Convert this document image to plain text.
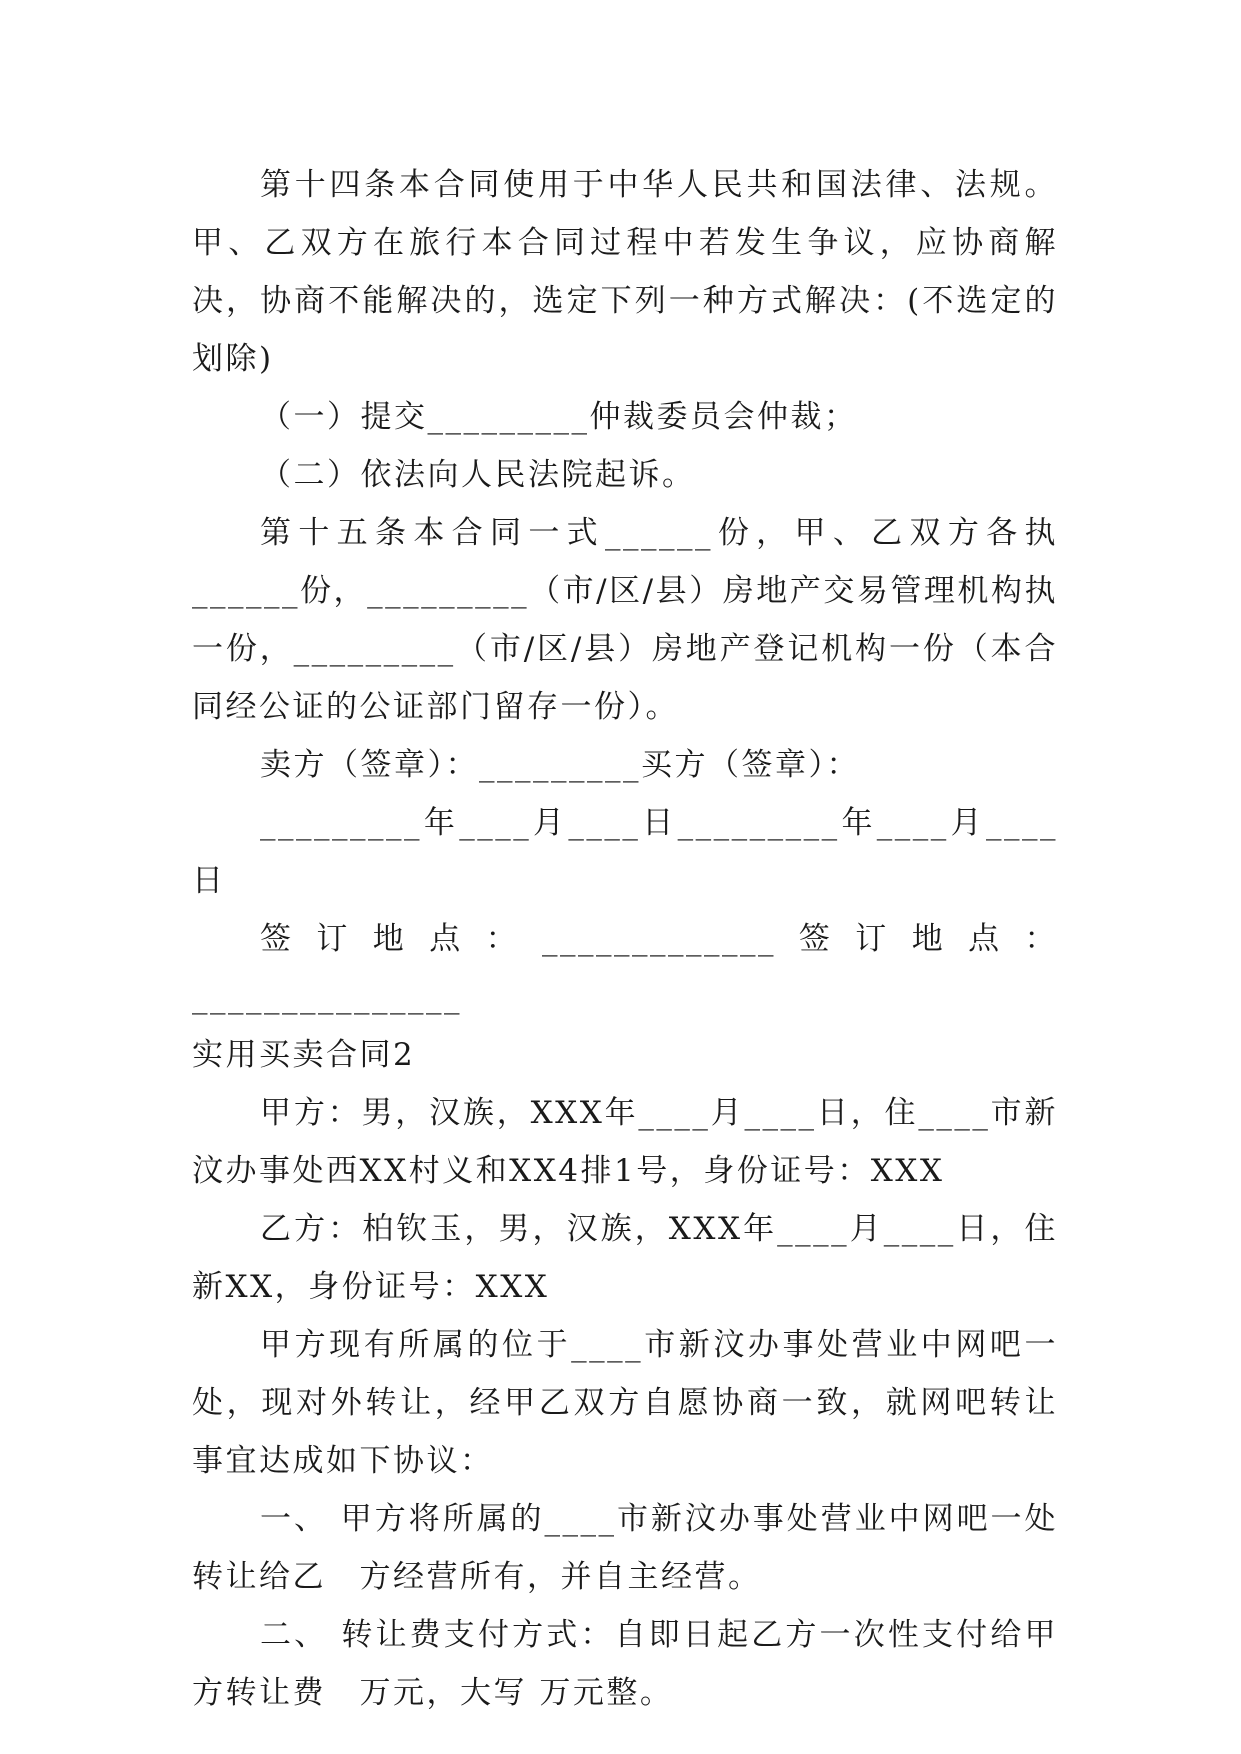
第十四条本合同使用于中华人民共和国法律、法规。甲、乙双方在旅行本合同过程中若发生争议，应协商解决，协商不能解决的，选定下列一种方式解决：(不选定的划除)

（一）提交_________仲裁委员会仲裁；

（二）依法向人民法院起诉。

第十五条本合同一式______份，甲、乙双方各执______份，_________（市/区/县）房地产交易管理机构执一份，_________（市/区/县）房地产登记机构一份（本合同经公证的公证部门留存一份）。

卖方（签章）：_________买方（签章）：

_________年____月____日_________年____月____日

签订地点：_____________签订地点：_______________

实用买卖合同2

甲方：男，汉族，XXX年____月____日，住____市新汶办事处西XX村义和XX4排1号，身份证号：XXX

乙方：柏钦玉，男，汉族，XXX年____月____日，住新XX，身份证号：XXX

甲方现有所属的位于____市新汶办事处营业中网吧一处，现对外转让，经甲乙双方自愿协商一致，就网吧转让事宜达成如下协议：

一、 甲方将所属的____市新汶办事处营业中网吧一处转让给乙　方经营所有，并自主经营。

二、 转让费支付方式：自即日起乙方一次性支付给甲方转让费　万元，大写 万元整。
